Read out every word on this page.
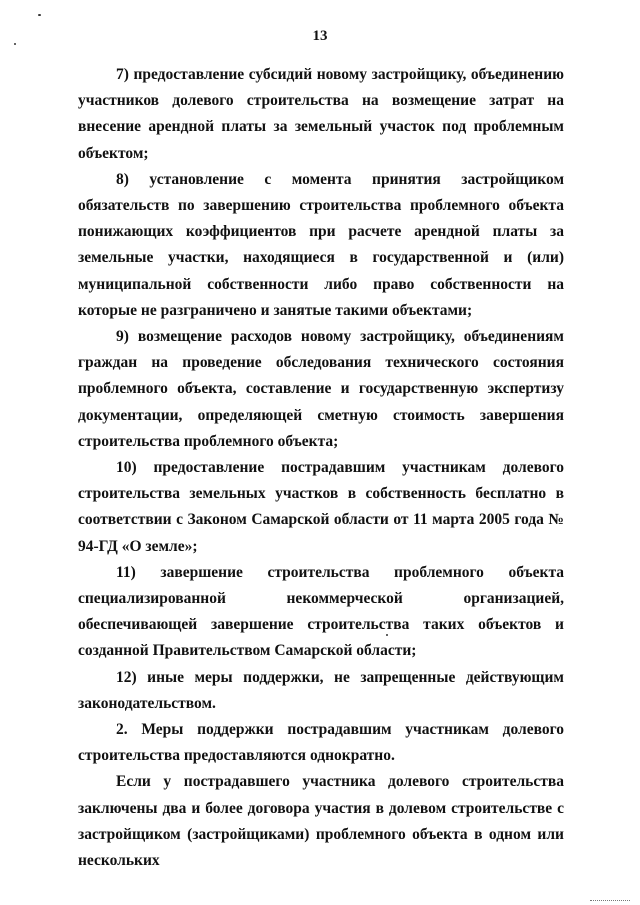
13

7) предоставление субсидий новому застройщику, объединению участников долевого строительства на возмещение затрат на внесение арендной платы за земельный участок под проблемным объектом;

8) установление с момента принятия застройщиком обязательств по завершению строительства проблемного объекта понижающих коэффициентов при расчете арендной платы за земельные участки, находящиеся в государственной и (или) муниципальной собственности либо право собственности на которые не разграничено и занятые такими объектами;

9) возмещение расходов новому застройщику, объединениям граждан на проведение обследования технического состояния проблемного объекта, составление и государственную экспертизу документации, определяющей сметную стоимость завершения строительства проблемного объекта;

10) предоставление пострадавшим участникам долевого строительства земельных участков в собственность бесплатно в соответствии с Законом Самарской области от 11 марта 2005 года № 94-ГД «О земле»;

11) завершение строительства проблемного объекта специализированной некоммерческой организацией, обеспечивающей завершение строительства таких объектов и созданной Правительством Самарской области;

12) иные меры поддержки, не запрещенные действующим законодательством.

2. Меры поддержки пострадавшим участникам долевого строительства предоставляются однократно.

Если у пострадавшего участника долевого строительства заключены два и более договора участия в долевом строительстве с застройщиком (застройщиками) проблемного объекта в одном или нескольких
